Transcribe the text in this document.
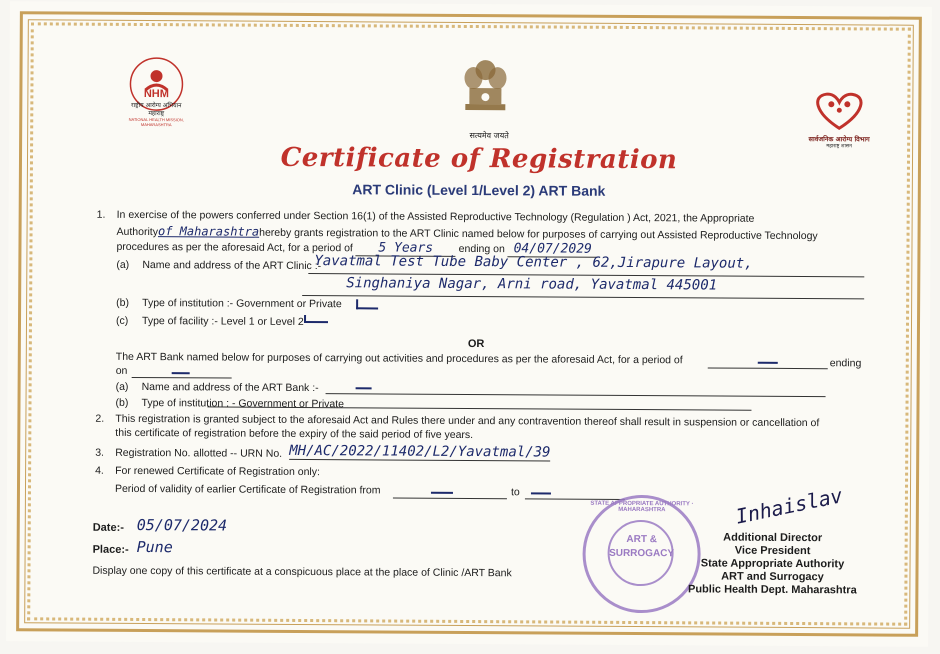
NHM
राष्ट्रीय आरोग्य अभियान
महाराष्ट्र
NATIONAL HEALTH MISSION, MAHARASHTRA
सत्यमेव जयते	सार्वजनिक आरोग्य विभाग
महाराष्ट्र शासन
Certificate of Registration
ART Clinic (Level 1/Level 2) ART Bank
1. In exercise of the powers conferred under Section 16(1) of the Assisted Reproductive Technology (Regulation ) Act, 2021, the Appropriate
Authorityof Maharashtrahereby grants registration to the ART Clinic named below for purposes of carrying out Assisted Reproductive Technology
procedures as per the aforesaid Act, for a period of 5 Years ending on 04/07/2029
(a) Name and address of the ART Clinic :-
Yavatmal Test Tube Baby Center , 62,Jirapure Layout,
Singhaniya Nagar, Arni road, Yavatmal 445001
(b) Type of institution :- Government or Private
(c) Type of facility :- Level 1 or Level 2
OR
The ART Bank named below for purposes of carrying out activities and procedures as per the aforesaid Act, for a period of	ending
on
(a) Name and address of the ART Bank :-
(b) Type of institution : - Government or Private
2. This registration is granted subject to the aforesaid Act and Rules there under and any contravention thereof shall result in suspension or cancellation of
this certificate of registration before the expiry of the said period of five years.
3. Registration No. allotted -- URN No. MH/AC/2022/11402/L2/Yavatmal/39
4. For renewed Certificate of Registration only:
Period of validity of earlier Certificate of Registration from	to
Date:- 05/07/2024
Place:- Pune
Display one copy of this certificate at a conspicuous place at the place of Clinic /ART Bank
STATE APPROPRIATE AUTHORITY · MAHARASHTRA
ART &
SURROGACY
Inhaislav
Additional Director
Vice President
State Appropriate Authority
ART and Surrogacy
Public Health Dept. Maharashtra
